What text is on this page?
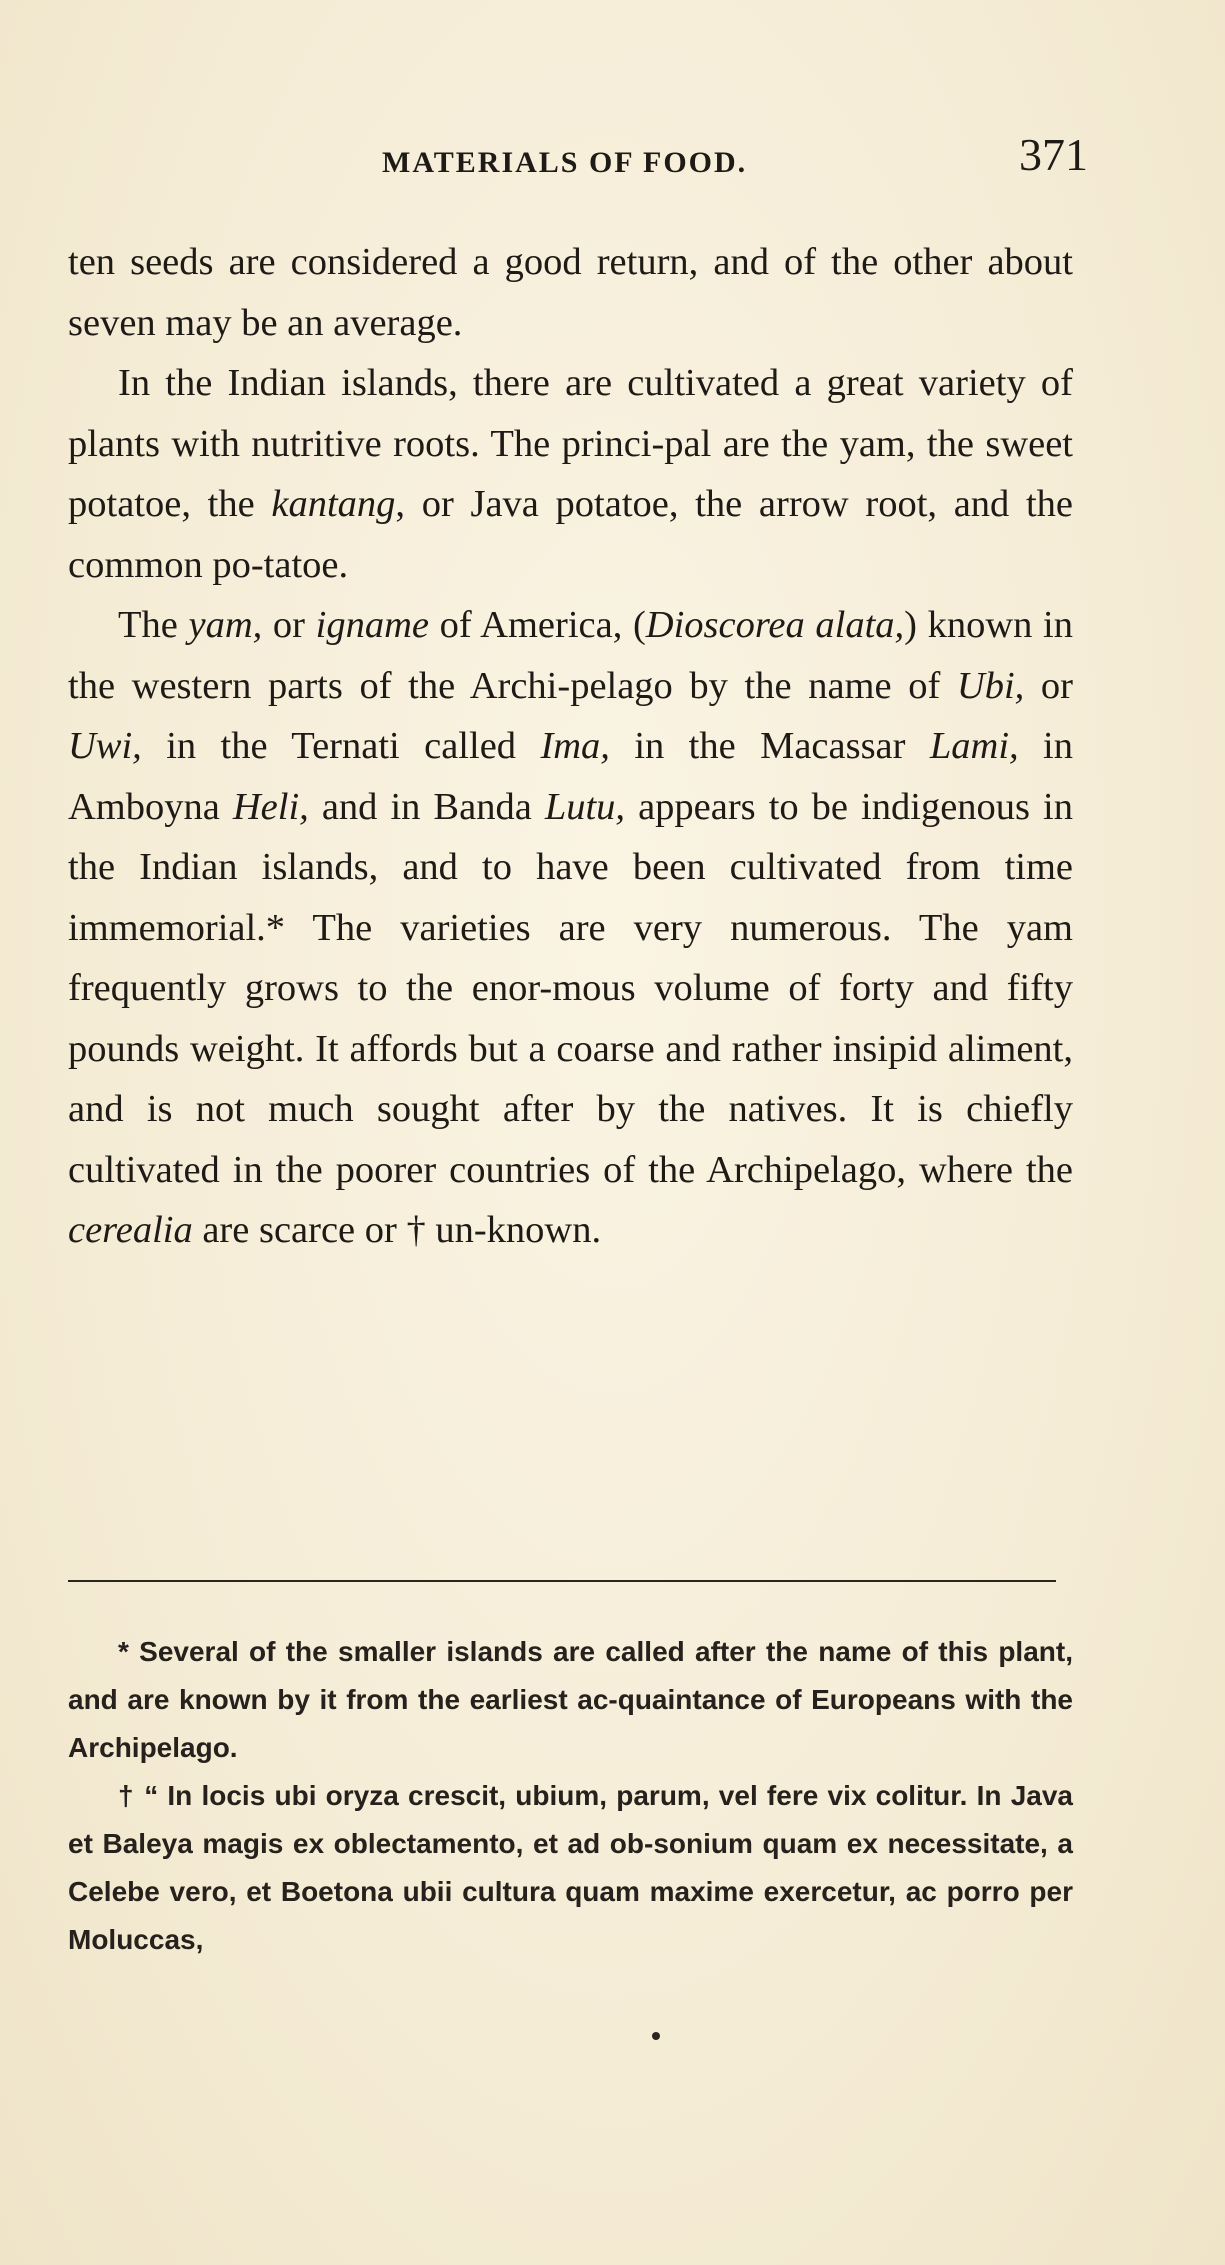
MATERIALS OF FOOD.	371

ten seeds are considered a good return, and of the other about seven may be an average.

In the Indian islands, there are cultivated a great variety of plants with nutritive roots. The princi-pal are the yam, the sweet potatoe, the kantang, or Java potatoe, the arrow root, and the common po-tatoe.

The yam, or igname of America, (Dioscorea alata,) known in the western parts of the Archi-pelago by the name of Ubi, or Uwi, in the Ternati called Ima, in the Macassar Lami, in Amboyna Heli, and in Banda Lutu, appears to be indigenous in the Indian islands, and to have been cultivated from time immemorial.* The varieties are very numerous. The yam frequently grows to the enor-mous volume of forty and fifty pounds weight. It affords but a coarse and rather insipid aliment, and is not much sought after by the natives. It is chiefly cultivated in the poorer countries of the Archipelago, where the cerealia are scarce or † un-known.

* Several of the smaller islands are called after the name of this plant, and are known by it from the earliest ac-quaintance of Europeans with the Archipelago.

† “ In locis ubi oryza crescit, ubium, parum, vel fere vix colitur. In Java et Baleya magis ex oblectamento, et ad ob-sonium quam ex necessitate, a Celebe vero, et Boetona ubii cultura quam maxime exercetur, ac porro per Moluccas,
